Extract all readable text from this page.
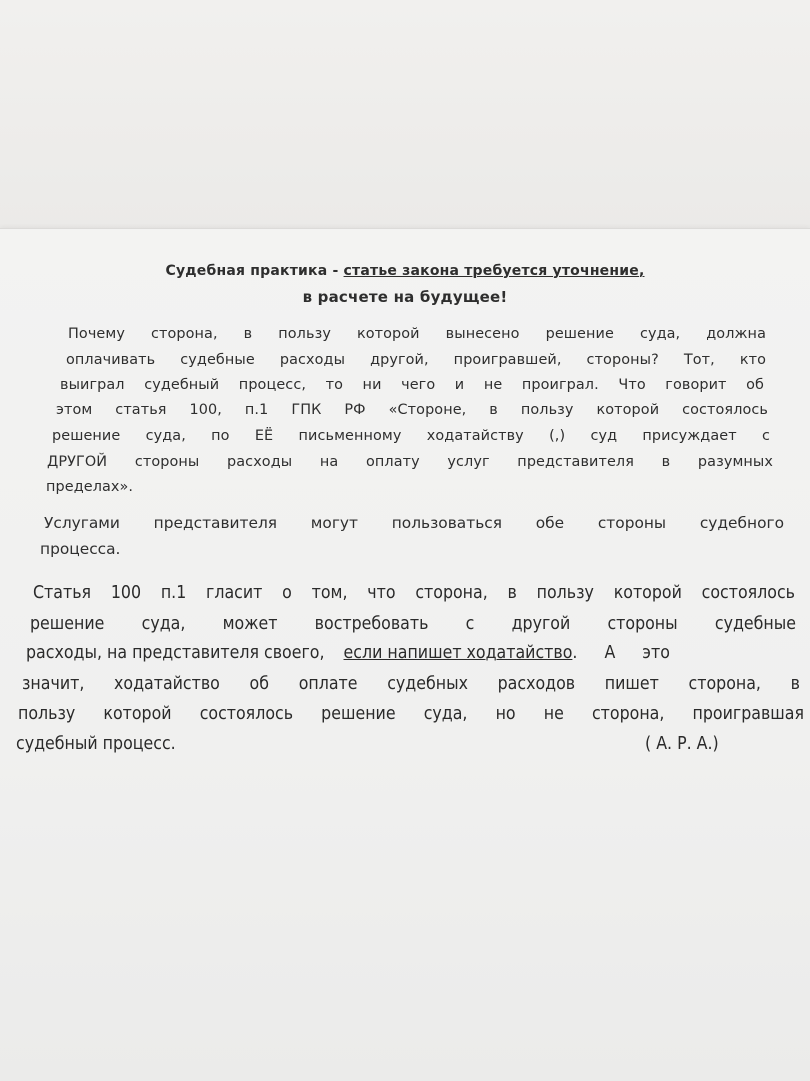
Судебная практика - статье закона требуется уточнение,
в расчете на будущее!
Почему сторона, в пользу которой вынесено решение суда, должна
оплачивать судебные расходы другой, проигравшей, стороны? Тот, кто
выиграл судебный процесс, то ни чего и не проиграл. Что говорит об
этом статья 100, п.1 ГПК РФ «Стороне, в пользу которой состоялось
решение суда, по ЕЁ письменному ходатайству (,) суд присуждает с
ДРУГОЙ стороны расходы на оплату услуг представителя в разумных
пределах».
Услугами представителя могут пользоваться обе стороны судебного
процесса.
Статья 100 п.1 гласит о том, что сторона, в пользу которой состоялось
решение суда, может востребовать с другой стороны судебные
расходы, на представителя своего, если напишет ходатайство. А это
значит, ходатайство об оплате судебных расходов пишет сторона, в
пользу которой состоялось решение суда, но не сторона, проигравшая
судебный процесс.	( А. Р. А.)
